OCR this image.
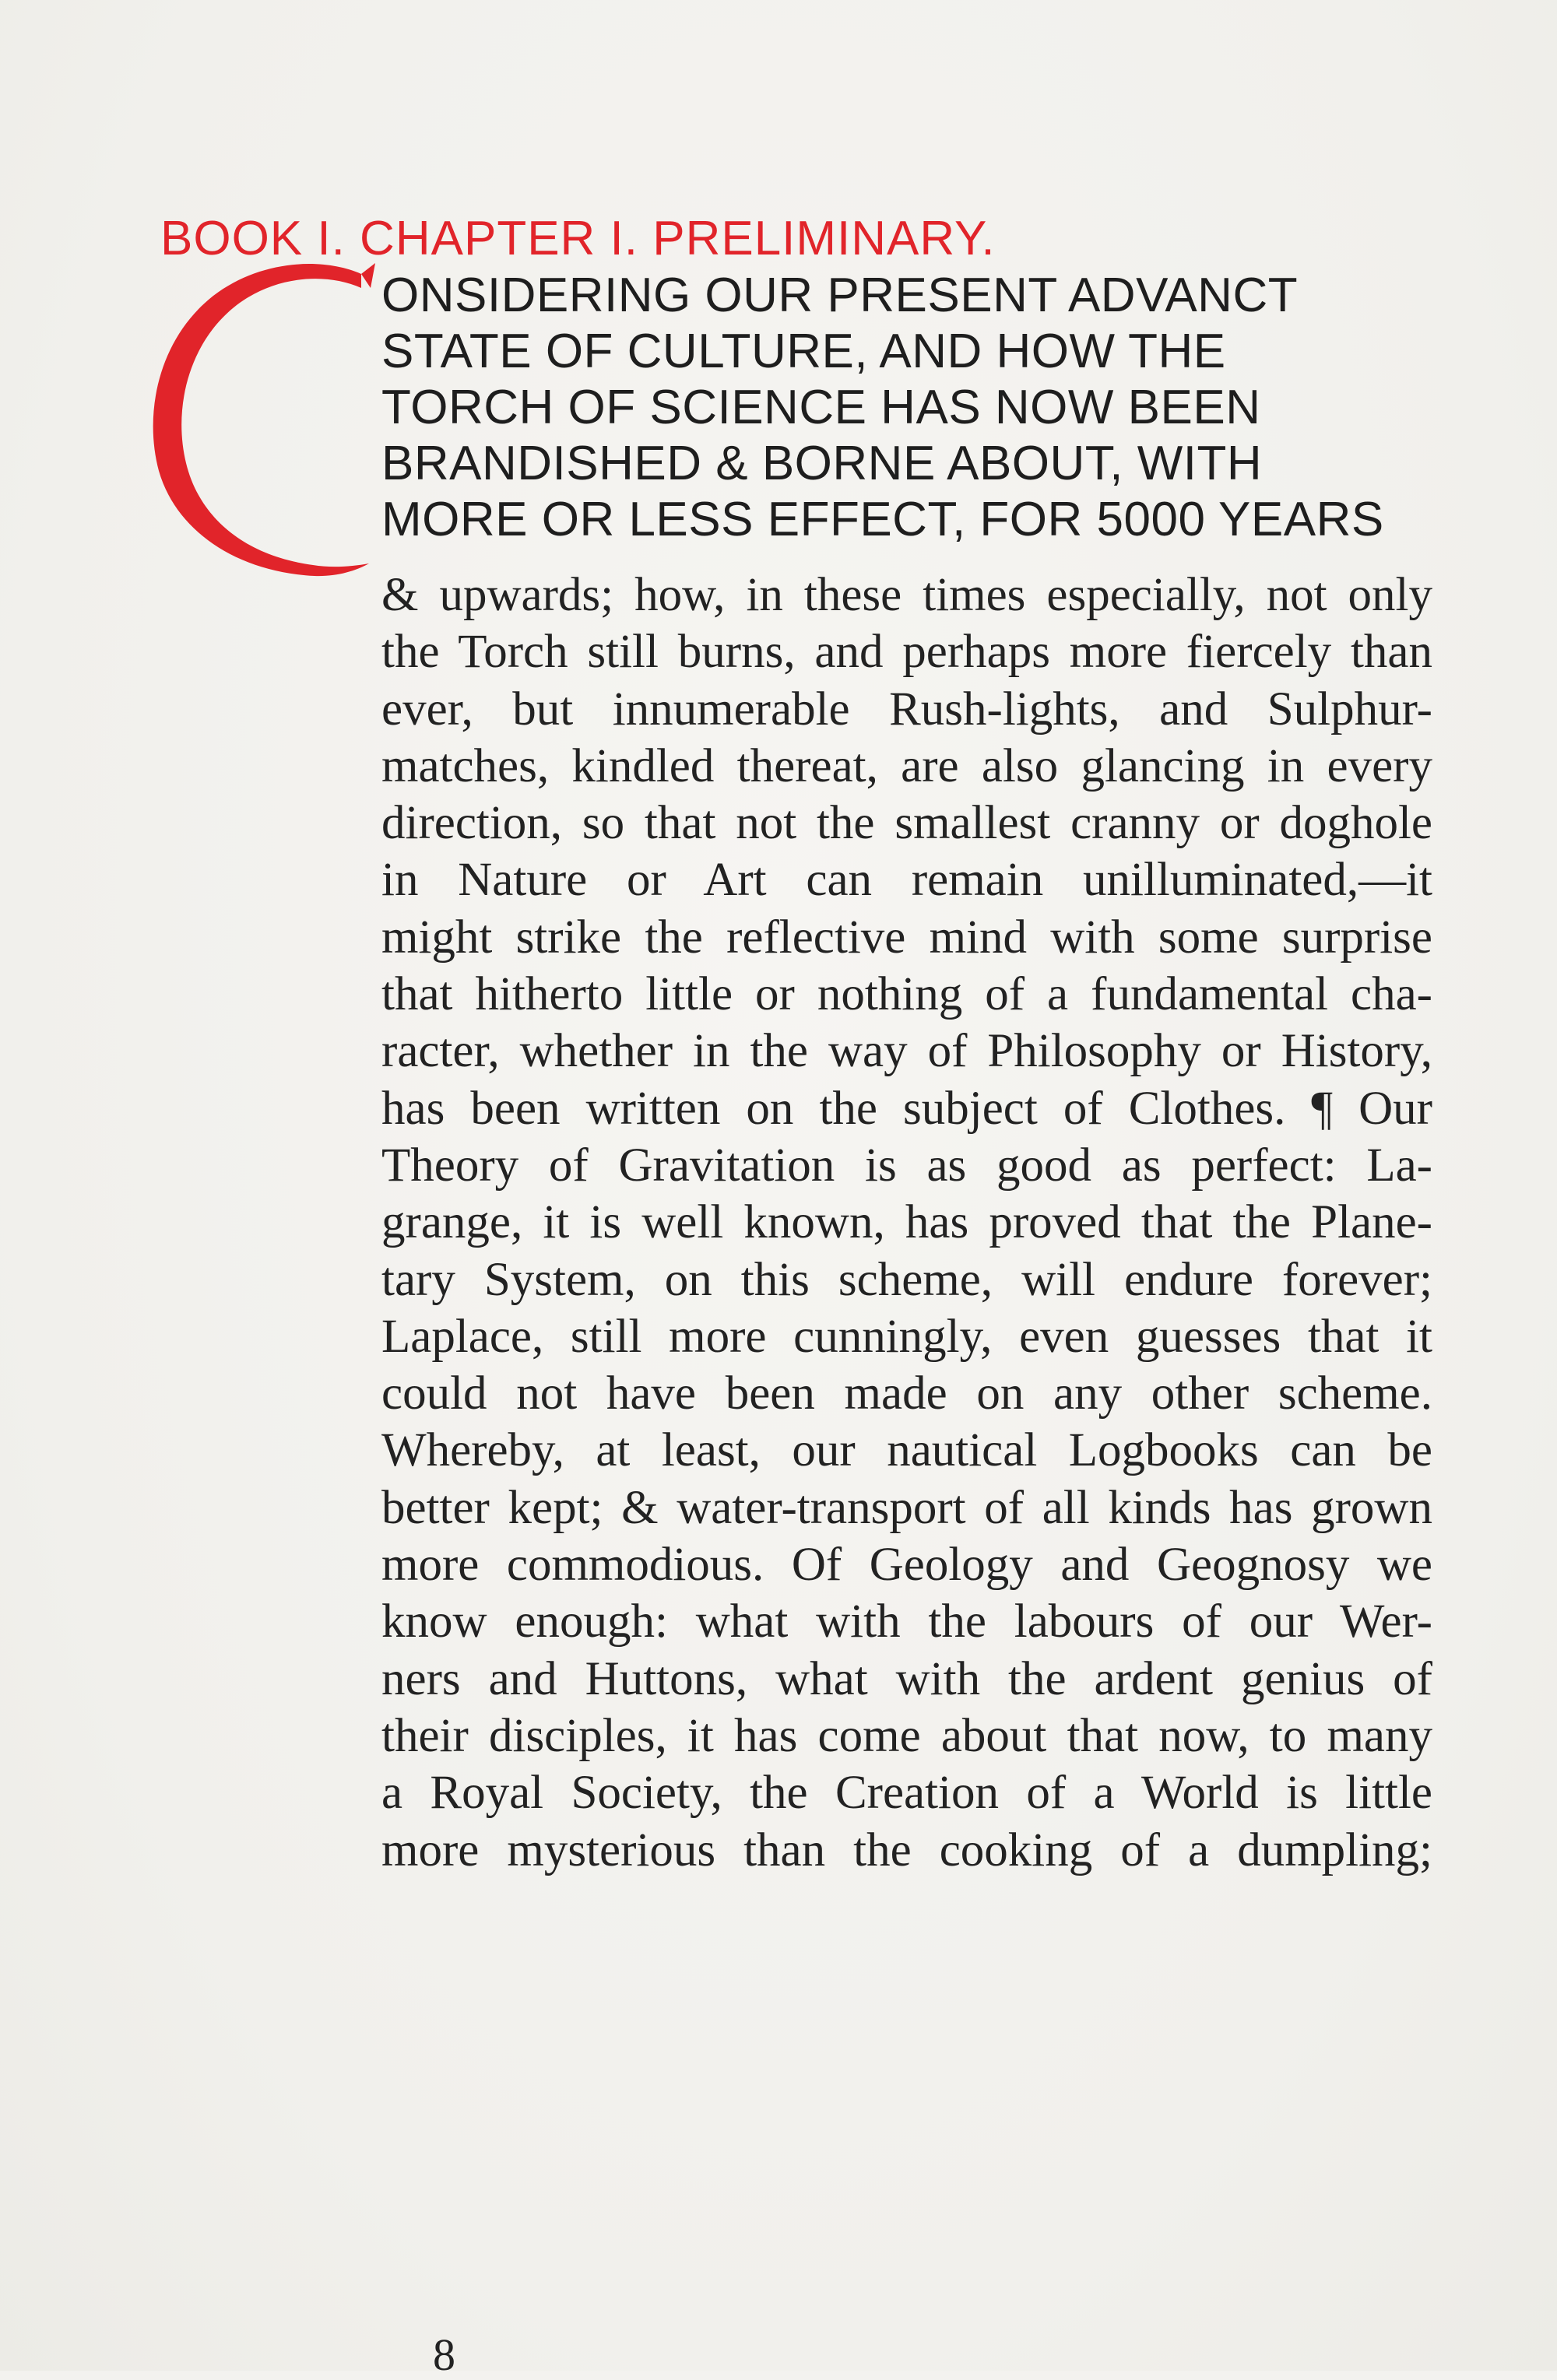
BOOK I. CHAPTER I. PRELIMINARY.
ONSIDERING OUR PRESENT ADVANCT
STATE OF CULTURE, AND HOW THE
TORCH OF SCIENCE HAS NOW BEEN
BRANDISHED & BORNE ABOUT, WITH
MORE OR LESS EFFECT, FOR 5000 YEARS
& upwards; how, in these times especially, not only
the Torch still burns, and perhaps more fiercely than
ever, but innumerable Rush-lights, and Sulphur-
matches, kindled thereat, are also glancing in every
direction, so that not the smallest cranny or doghole
in Nature or Art can remain unilluminated,—it
might strike the reflective mind with some surprise
that hitherto little or nothing of a fundamental cha-
racter, whether in the way of Philosophy or History,
has been written on the subject of Clothes. ¶ Our
Theory of Gravitation is as good as perfect: La-
grange, it is well known, has proved that the Plane-
tary System, on this scheme, will endure forever;
Laplace, still more cunningly, even guesses that it
could not have been made on any other scheme.
Whereby, at least, our nautical Logbooks can be
better kept; & water-transport of all kinds has grown
more commodious. Of Geology and Geognosy we
know enough: what with the labours of our Wer-
ners and Huttons, what with the ardent genius of
their disciples, it has come about that now, to many
a Royal Society, the Creation of a World is little
more mysterious than the cooking of a dumpling;
8
